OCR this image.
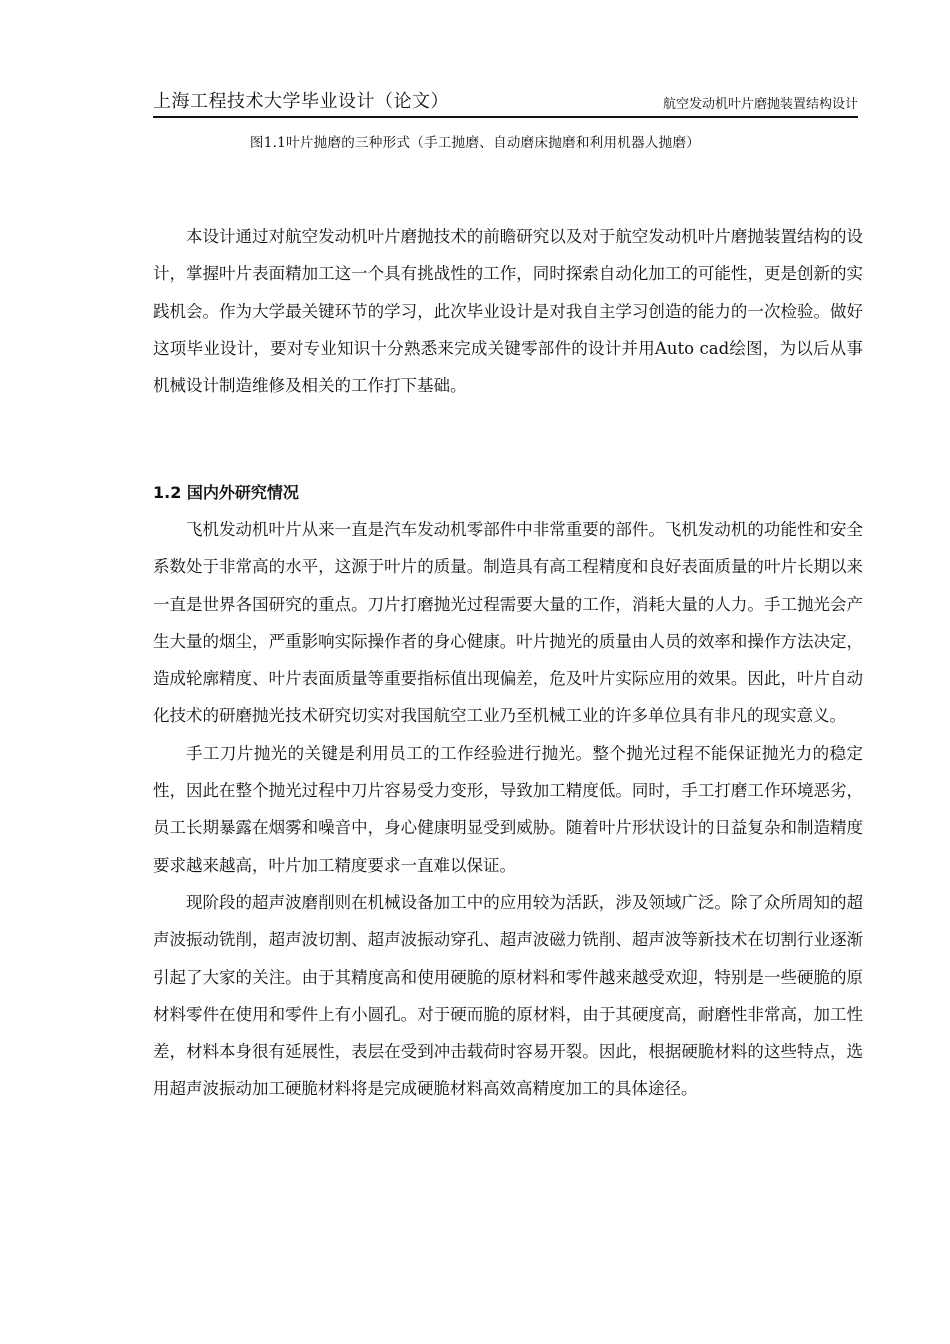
上海工程技术大学毕业设计（论文）	航空发动机叶片磨抛装置结构设计
图1.1叶片抛磨的三种形式（手工抛磨、自动磨床抛磨和利用机器人抛磨）

本设计通过对航空发动机叶片磨抛技术的前瞻研究以及对于航空发动机叶片磨抛装置结构的设计，掌握叶片表面精加工这一个具有挑战性的工作，同时探索自动化加工的可能性，更是创新的实践机会。作为大学最关键环节的学习，此次毕业设计是对我自主学习创造的能力的一次检验。做好这项毕业设计，要对专业知识十分熟悉来完成关键零部件的设计并用Auto cad绘图，为以后从事机械设计制造维修及相关的工作打下基础。

1.2 国内外研究情况

飞机发动机叶片从来一直是汽车发动机零部件中非常重要的部件。飞机发动机的功能性和安全系数处于非常高的水平，这源于叶片的质量。制造具有高工程精度和良好表面质量的叶片长期以来一直是世界各国研究的重点。刀片打磨抛光过程需要大量的工作，消耗大量的人力。手工抛光会产生大量的烟尘，严重影响实际操作者的身心健康。叶片抛光的质量由人员的效率和操作方法决定，造成轮廓精度、叶片表面质量等重要指标值出现偏差，危及叶片实际应用的效果。因此，叶片自动化技术的研磨抛光技术研究切实对我国航空工业乃至机械工业的许多单位具有非凡的现实意义。

手工刀片抛光的关键是利用员工的工作经验进行抛光。整个抛光过程不能保证抛光力的稳定性，因此在整个抛光过程中刀片容易受力变形，导致加工精度低。同时，手工打磨工作环境恶劣，员工长期暴露在烟雾和噪音中，身心健康明显受到威胁。随着叶片形状设计的日益复杂和制造精度要求越来越高，叶片加工精度要求一直难以保证。

现阶段的超声波磨削则在机械设备加工中的应用较为活跃，涉及领域广泛。除了众所周知的超声波振动铣削，超声波切割、超声波振动穿孔、超声波磁力铣削、超声波等新技术在切割行业逐渐引起了大家的关注。由于其精度高和使用硬脆的原材料和零件越来越受欢迎，特别是一些硬脆的原材料零件在使用和零件上有小圆孔。对于硬而脆的原材料，由于其硬度高，耐磨性非常高，加工性差，材料本身很有延展性，表层在受到冲击载荷时容易开裂。因此，根据硬脆材料的这些特点，选用超声波振动加工硬脆材料将是完成硬脆材料高效高精度加工的具体途径。
